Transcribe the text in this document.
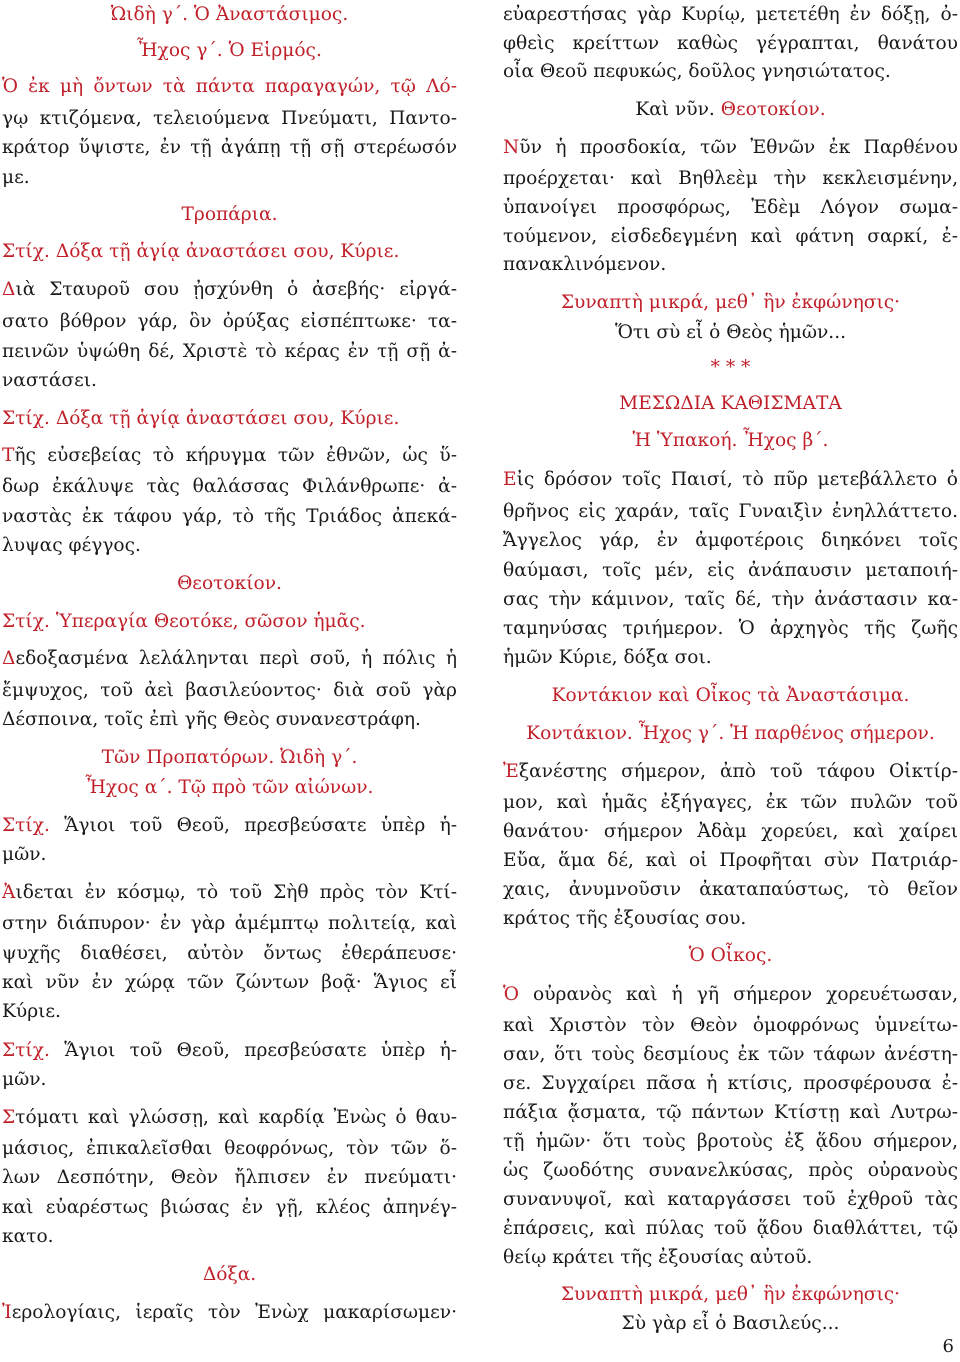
Ὠιδὴ γ΄. Ὁ Ἀναστάσιμος.
Ἦχος γ΄. Ὁ Εἱρμός.
Ὁ ἐκ μὴ ὄντων τὰ πάντα παραγαγών, τῷ Λό-
γῳ κτιζόμενα, τελειούμενα Πνεύματι, Παντο-
κράτορ ὕψιστε, ἐν τῇ ἀγάπῃ τῇ σῇ στερέωσόν
με.
Τροπάρια.
Στίχ. Δόξα τῇ ἁγίᾳ ἀναστάσει σου, Κύριε.
Διὰ Σταυροῦ σου ᾐσχύνθη ὁ ἀσεβής· εἰργά-
σατο βόθρον γάρ, ὃν ὀρύξας εἰσπέπτωκε· τα-
πεινῶν ὑψώθη δέ, Χριστὲ τὸ κέρας ἐν τῇ σῇ ἀ-
ναστάσει.
Στίχ. Δόξα τῇ ἁγίᾳ ἀναστάσει σου, Κύριε.
Τῆς εὐσεβείας τὸ κήρυγμα τῶν ἐθνῶν, ὡς ὕ-
δωρ ἐκάλυψε τὰς θαλάσσας Φιλάνθρωπε· ἀ-
ναστὰς ἐκ τάφου γάρ, τὸ τῆς Τριάδος ἀπεκά-
λυψας φέγγος.
Θεοτοκίον.
Στίχ. Ὑπεραγία Θεοτόκε, σῶσον ἡμᾶς.
Δεδοξασμένα λελάληνται περὶ σοῦ, ἡ πόλις ἡ
ἔμψυχος, τοῦ ἀεὶ βασιλεύοντος· διὰ σοῦ γὰρ
Δέσποινα, τοῖς ἐπὶ γῆς Θεὸς συνανεστράφη.
Τῶν Προπατόρων. Ὠιδὴ γ΄.
Ἦχος α΄. Τῷ πρὸ τῶν αἰώνων.
Στίχ. Ἅγιοι τοῦ Θεοῦ, πρεσβεύσατε ὑπὲρ ἡ-
μῶν.
Ἀιδεται ἐν κόσμῳ, τὸ τοῦ Σὴθ πρὸς τὸν Κτί-
στην διάπυρον· ἐν γὰρ ἀμέμπτῳ πολιτείᾳ, καὶ
ψυχῆς διαθέσει, αὐτὸν ὄντως ἐθεράπευσε·
καὶ νῦν ἐν χώρᾳ τῶν ζώντων βοᾷ· Ἅγιος εἶ
Κύριε.
Στίχ. Ἅγιοι τοῦ Θεοῦ, πρεσβεύσατε ὑπὲρ ἡ-
μῶν.
Στόματι καὶ γλώσσῃ, καὶ καρδίᾳ Ἐνὼς ὁ θαυ-
μάσιος, ἐπικαλεῖσθαι θεοφρόνως, τὸν τῶν ὅ-
λων Δεσπότην, Θεὸν ἤλπισεν ἐν πνεύματι·
καὶ εὐαρέστως βιώσας ἐν γῇ, κλέος ἀπηνέγ-
κατο.
Δόξα.
Ἰερολογίαις, ἱεραῖς τὸν Ἐνὼχ μακαρίσωμεν·
εὐαρεστήσας γὰρ Κυρίῳ, μετετέθη ἐν δόξῃ, ὀ-
φθεὶς κρείττων καθὼς γέγραπται, θανάτου
οἷα Θεοῦ πεφυκώς, δοῦλος γνησιώτατος.
Καὶ νῦν. Θεοτοκίον.
Νῦν ἡ προσδοκία, τῶν Ἐθνῶν ἐκ Παρθένου
προέρχεται· καὶ Βηθλεὲμ τὴν κεκλεισμένην,
ὑπανοίγει προσφόρως, Ἐδὲμ Λόγον σωμα-
τούμενον, εἰσδεδεγμένη καὶ φάτνη σαρκί, ἐ-
πανακλινόμενον.
Συναπτὴ μικρά, μεθ᾿ ἣν ἐκφώνησις·
Ὅτι σὺ εἶ ὁ Θεὸς ἡμῶν...
* * *
ΜΕΣΩΔΙΑ ΚΑΘΙΣΜΑΤΑ
Ἡ Ὑπακοή. Ἦχος β΄.
Εἰς δρόσον τοῖς Παισί, τὸ πῦρ μετεβάλλετο ὁ
θρῆνος εἰς χαράν, ταῖς Γυναιξὶν ἐνηλλάττετο.
Ἄγγελος γάρ, ἐν ἀμφοτέροις διηκόνει τοῖς
θαύμασι, τοῖς μέν, εἰς ἀνάπαυσιν μεταποιή-
σας τὴν κάμινον, ταῖς δέ, τὴν ἀνάστασιν κα-
ταμηνύσας τριήμερον. Ὁ ἀρχηγὸς τῆς ζωῆς
ἡμῶν Κύριε, δόξα σοι.
Κοντάκιον καὶ Οἶκος τὰ Ἀναστάσιμα.
Κοντάκιον. Ἦχος γ΄. Ἡ παρθένος σήμερον.
Ἐξανέστης σήμερον, ἀπὸ τοῦ τάφου Οἰκτίρ-
μον, καὶ ἡμᾶς ἐξήγαγες, ἐκ τῶν πυλῶν τοῦ
θανάτου· σήμερον Ἀδὰμ χορεύει, καὶ χαίρει
Εὔα, ἅμα δέ, καὶ οἱ Προφῆται σὺν Πατριάρ-
χαις, ἀνυμνοῦσιν ἀκαταπαύστως, τὸ θεῖον
κράτος τῆς ἐξουσίας σου.
Ὁ Οἶκος.
Ὁ οὐρανὸς καὶ ἡ γῆ σήμερον χορευέτωσαν,
καὶ Χριστὸν τὸν Θεὸν ὁμοφρόνως ὑμνείτω-
σαν, ὅτι τοὺς δεσμίους ἐκ τῶν τάφων ἀνέστη-
σε. Συγχαίρει πᾶσα ἡ κτίσις, προσφέρουσα ἐ-
πάξια ᾄσματα, τῷ πάντων Κτίστῃ καὶ Λυτρω-
τῇ ἡμῶν· ὅτι τοὺς βροτοὺς ἐξ ᾅδου σήμερον,
ὡς ζωοδότης συνανελκύσας, πρὸς οὐρανοὺς
συνανυψοῖ, καὶ καταργάσσει τοῦ ἐχθροῦ τὰς
ἐπάρσεις, καὶ πύλας τοῦ ᾅδου διαθλάττει, τῷ
θείῳ κράτει τῆς ἐξουσίας αὐτοῦ.
Συναπτὴ μικρά, μεθ᾿ ἣν ἐκφώνησις·
Σὺ γὰρ εἶ ὁ Βασιλεύς...
6
